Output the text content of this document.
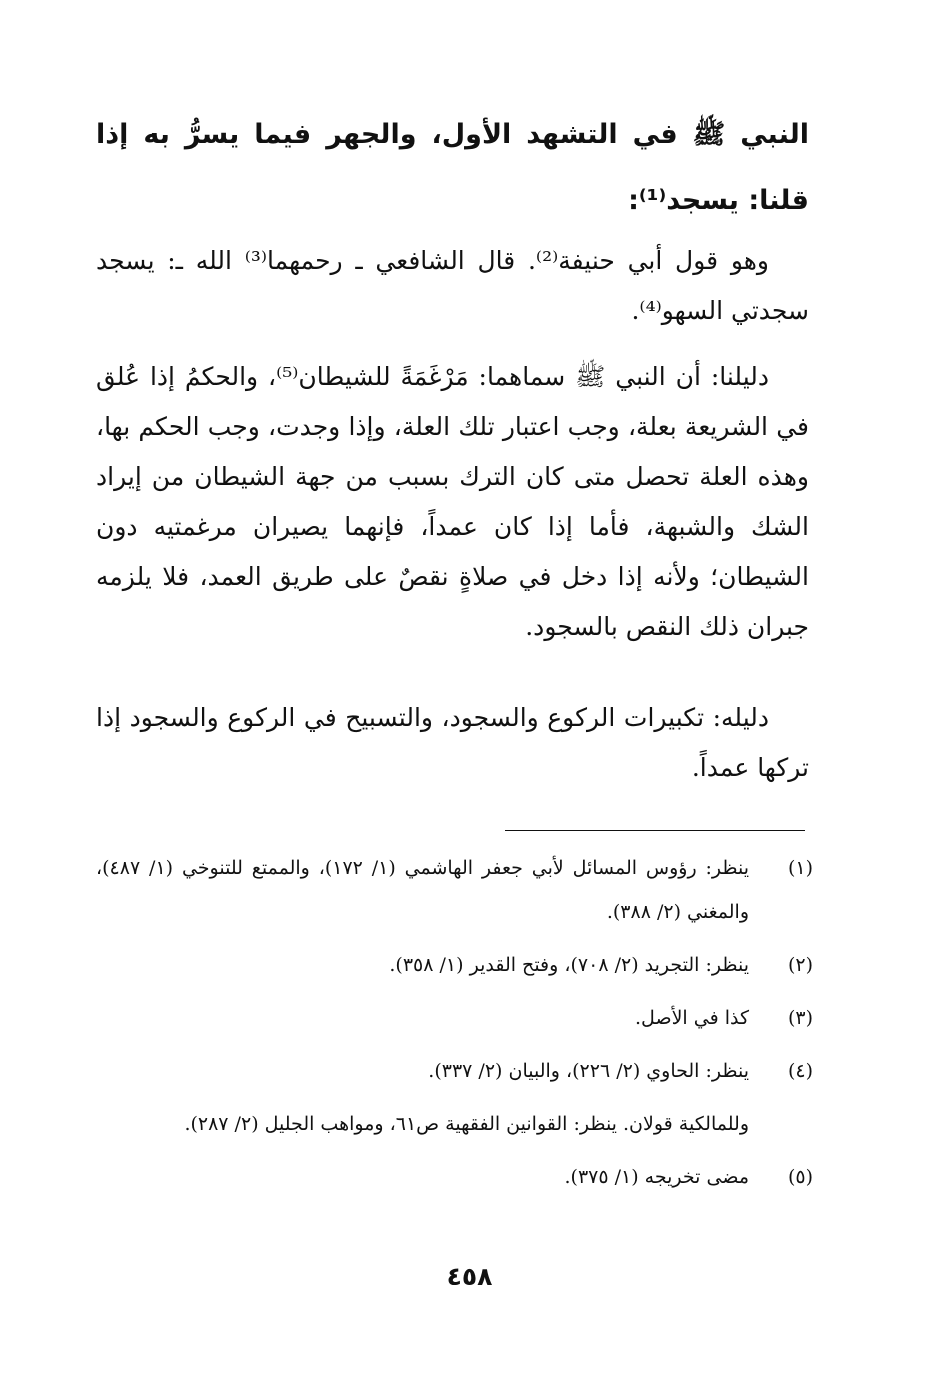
النبي ﷺ في التشهد الأول، والجهر فيما يسرُّ به إذا قلنا: يسجد⁽¹⁾:
وهو قول أبي حنيفة⁽²⁾. قال الشافعي ـ رحمهما⁽³⁾ الله ـ: يسجد سجدتي السهو⁽⁴⁾.
دليلنا: أن النبي ﷺ سماهما: مَرْغَمَةً للشيطان⁽⁵⁾، والحكمُ إذا عُلق في الشريعة بعلة، وجب اعتبار تلك العلة، وإذا وجدت، وجب الحكم بها، وهذه العلة تحصل متى كان الترك بسبب من جهة الشيطان من إيراد الشك والشبهة، فأما إذا كان عمداً، فإنهما يصيران مرغمتيه دون الشيطان؛ ولأنه إذا دخل في صلاةٍ نقصٌ على طريق العمد، فلا يلزمه جبران ذلك النقص بالسجود.
دليله: تكبيرات الركوع والسجود، والتسبيح في الركوع والسجود إذا تركها عمداً.
(١)
ينظر: رؤوس المسائل لأبي جعفر الهاشمي (١/ ١٧٢)، والممتع للتنوخي (١/ ٤٨٧)، والمغني (٢/ ٣٨٨).
(٢)
ينظر: التجريد (٢/ ٧٠٨)، وفتح القدير (١/ ٣٥٨).
(٣)
كذا في الأصل.
(٤)
ينظر: الحاوي (٢/ ٢٢٦)، والبيان (٢/ ٣٣٧).
وللمالكية قولان. ينظر: القوانين الفقهية ص٦١، ومواهب الجليل (٢/ ٢٨٧).
(٥)
مضى تخريجه (١/ ٣٧٥).
٤٥٨
